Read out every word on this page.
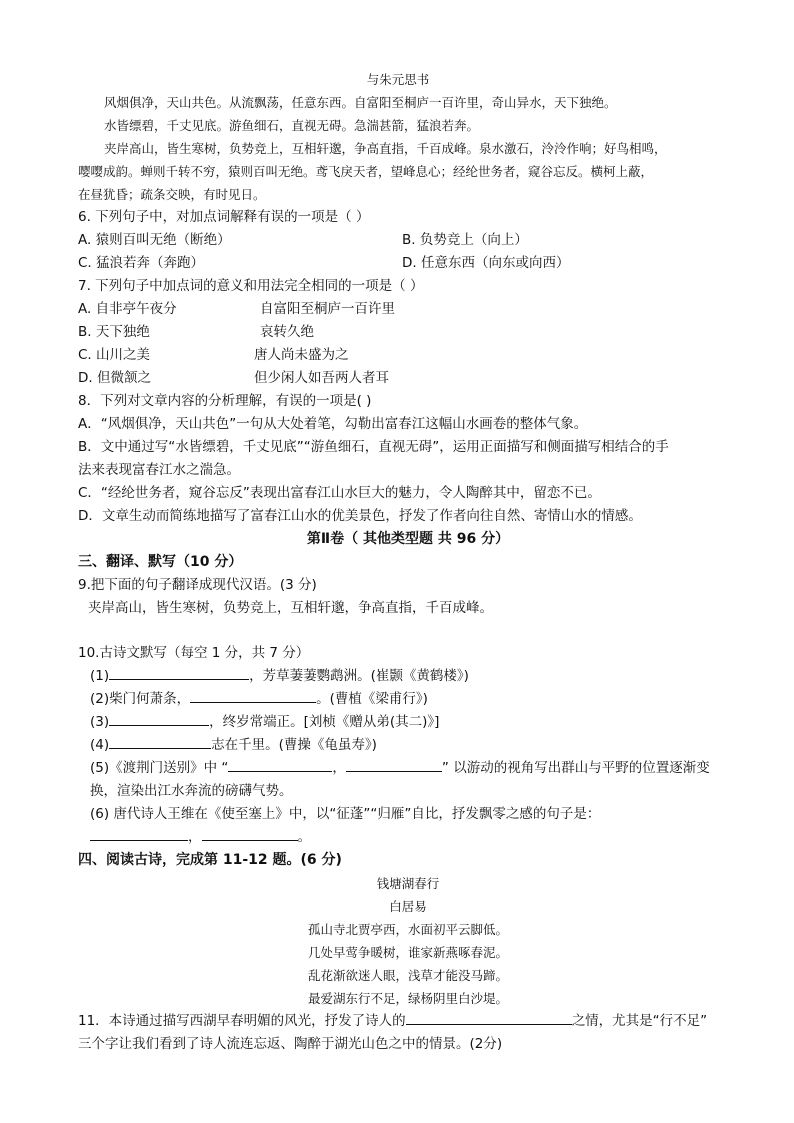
与朱元思书
风烟俱净，天山共色。从流飘荡，任意东西。自富阳至桐庐一百许里，奇山异水，天下独绝。
水皆缥碧，千丈见底。游鱼细石，直视无碍。急湍甚箭，猛浪若奔。
夹岸高山，皆生寒树，负势竞上，互相轩邈，争高直指，千百成峰。泉水激石，泠泠作响；好鸟相鸣，
嘤嘤成韵。蝉则千转不穷，猿则百叫无绝。鸢飞戾天者，望峰息心；经纶世务者，窥谷忘反。横柯上蔽，
在昼犹昏；疏条交映，有时见日。
6. 下列句子中，对加点词解释有误的一项是（ ）
A. 猿则百叫无绝（断绝）	B. 负势竞上（向上）
C. 猛浪若奔（奔跑）	D. 任意东西（向东或向西）
7. 下列句子中加点词的意义和用法完全相同的一项是（ ）
A. 自非亭午夜分	自富阳至桐庐一百许里
B. 天下独绝	哀转久绝
C. 山川之美	唐人尚未盛为之
D. 但微颔之	但少闲人如吾两人者耳
8．下列对文章内容的分析理解，有误的一项是( )
A．“风烟俱净，天山共色”一句从大处着笔，勾勒出富春江这幅山水画卷的整体气象。
B．文中通过写“水皆缥碧，千丈见底”“游鱼细石，直视无碍”，运用正面描写和侧面描写相结合的手
法来表现富春江水之湍急。
C．“经纶世务者，窥谷忘反”表现出富春江山水巨大的魅力，令人陶醉其中，留恋不已。
D．文章生动而简练地描写了富春江山水的优美景色，抒发了作者向往自然、寄情山水的情感。
第Ⅱ卷（ 其他类型题 共 96 分）
三、翻译、默写（10 分）
9.把下面的句子翻译成现代汉语。(3 分)
夹岸高山，皆生寒树，负势竞上，互相轩邈，争高直指，千百成峰。
10.古诗文默写（每空 1 分，共 7 分）
(1)	，芳草萋萋鹦鹉洲。(崔颢《黄鹤楼》)
(2)柴门何萧条，	。(曹植《梁甫行》)
(3)	，终岁常端正。[刘桢《赠从弟(其二)》]
(4)	志在千里。(曹操《龟虽寿》)
(5)《渡荆门送别》中 “	，	” 以游动的视角写出群山与平野的位置逐渐变
换，渲染出江水奔流的磅礴气势。
(6) 唐代诗人王维在《使至塞上》中，以“征蓬”“归雁”自比，抒发飘零之感的句子是：
，	。
四、阅读古诗，完成第 11-12 题。(6 分)
钱塘湖春行
白居易
孤山寺北贾亭西，水面初平云脚低。
几处早莺争暖树，谁家新燕啄春泥。
乱花渐欲迷人眼，浅草才能没马蹄。
最爱湖东行不足，绿杨阴里白沙堤。
11．本诗通过描写西湖早春明媚的风光，抒发了诗人的	之情，尤其是“行不足”
三个字让我们看到了诗人流连忘返、陶醉于湖光山色之中的情景。(2分)
